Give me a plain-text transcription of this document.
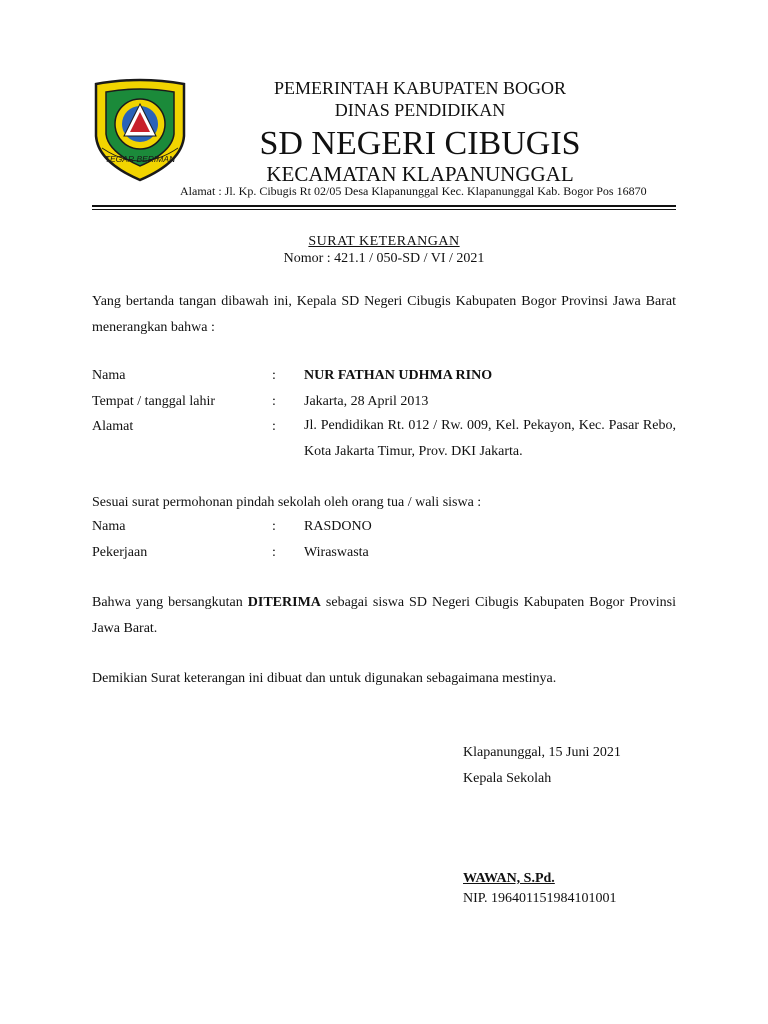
TEGAR BERIMAN
PEMERINTAH KABUPATEN BOGOR
DINAS PENDIDIKAN
SD NEGERI CIBUGIS
KECAMATAN KLAPANUNGGAL
Alamat : Jl. Kp. Cibugis Rt 02/05 Desa Klapanunggal Kec. Klapanunggal Kab. Bogor Pos 16870
SURAT KETERANGAN
Nomor : 421.1 / 050-SD / VI / 2021
Yang bertanda tangan dibawah ini, Kepala SD Negeri Cibugis Kabupaten Bogor Provinsi Jawa Barat menerangkan bahwa :
Nama	: NUR FATHAN UDHMA RINO
Tempat / tanggal lahir	: Jakarta, 28 April 2013
Alamat	: Jl. Pendidikan Rt. 012 / Rw. 009, Kel. Pekayon, Kec. Pasar Rebo, Kota Jakarta Timur, Prov. DKI Jakarta.
Sesuai surat permohonan pindah sekolah oleh orang tua / wali siswa :
Nama	: RASDONO
Pekerjaan	: Wiraswasta
Bahwa yang bersangkutan DITERIMA sebagai siswa SD Negeri Cibugis Kabupaten Bogor Provinsi Jawa Barat.
Demikian Surat keterangan ini dibuat dan untuk digunakan sebagaimana mestinya.
Klapanunggal, 15 Juni 2021
Kepala Sekolah
WAWAN, S.Pd.
NIP. 196401151984101001
